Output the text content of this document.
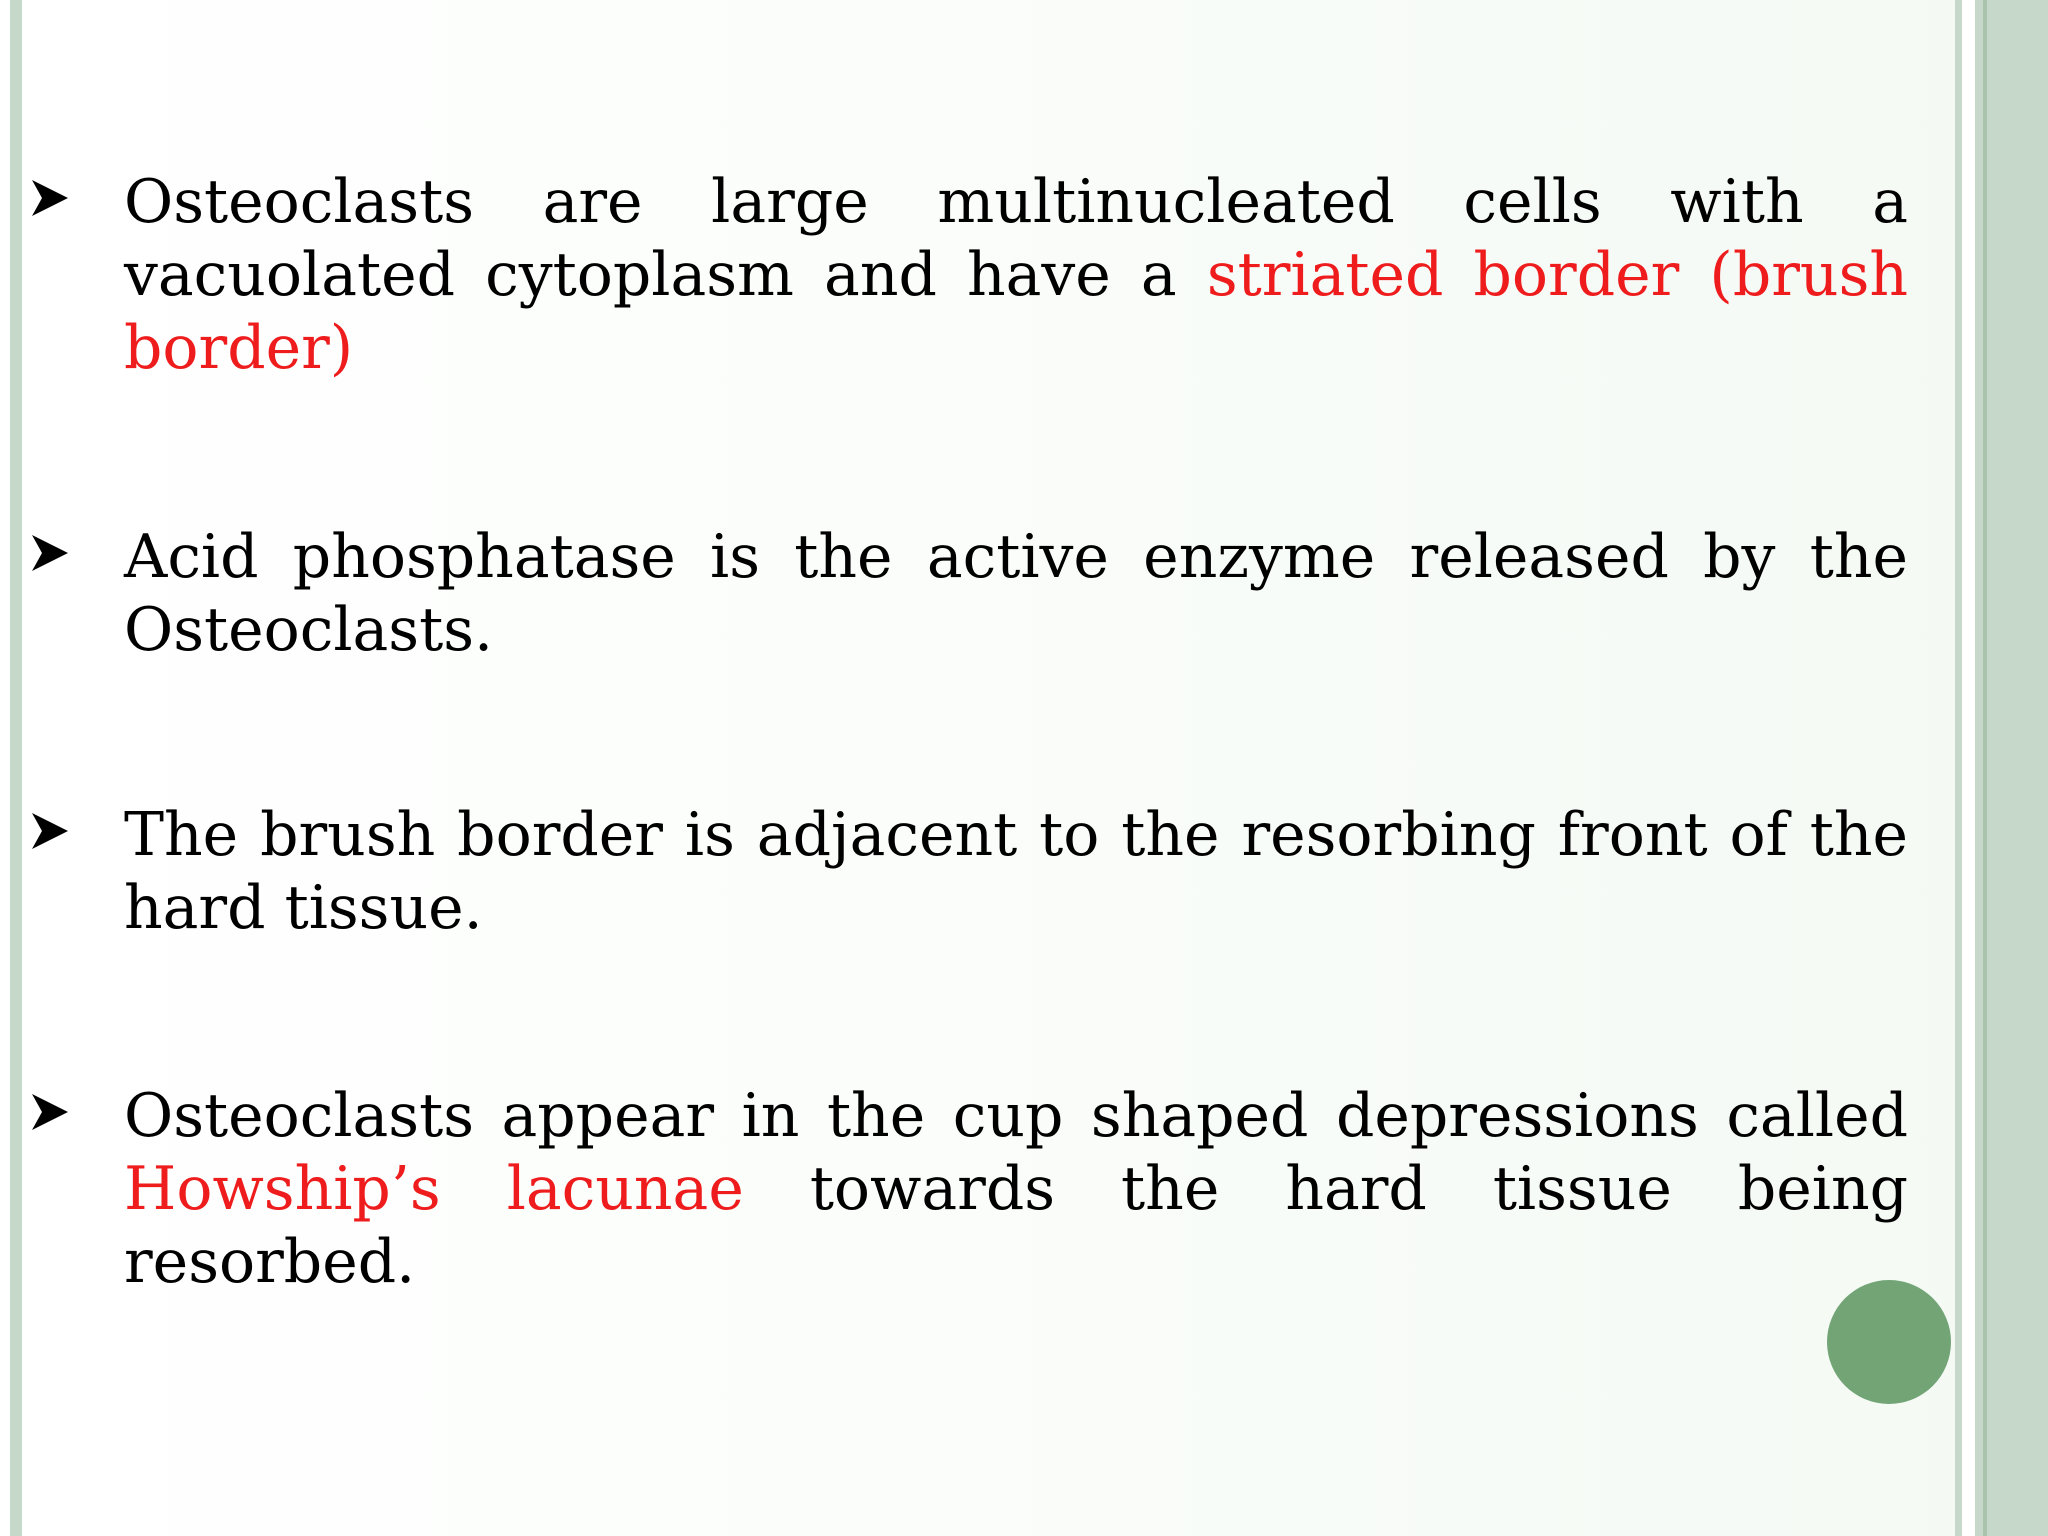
Osteoclasts are large multinucleated cells with a vacuolated cytoplasm and have a striated border (brush border)

Acid phosphatase is the active enzyme released by the Osteoclasts.

The brush border is adjacent to the resorbing front of the hard tissue.

Osteoclasts appear in the cup shaped depressions called Howship’s lacunae towards the hard tissue being resorbed.
